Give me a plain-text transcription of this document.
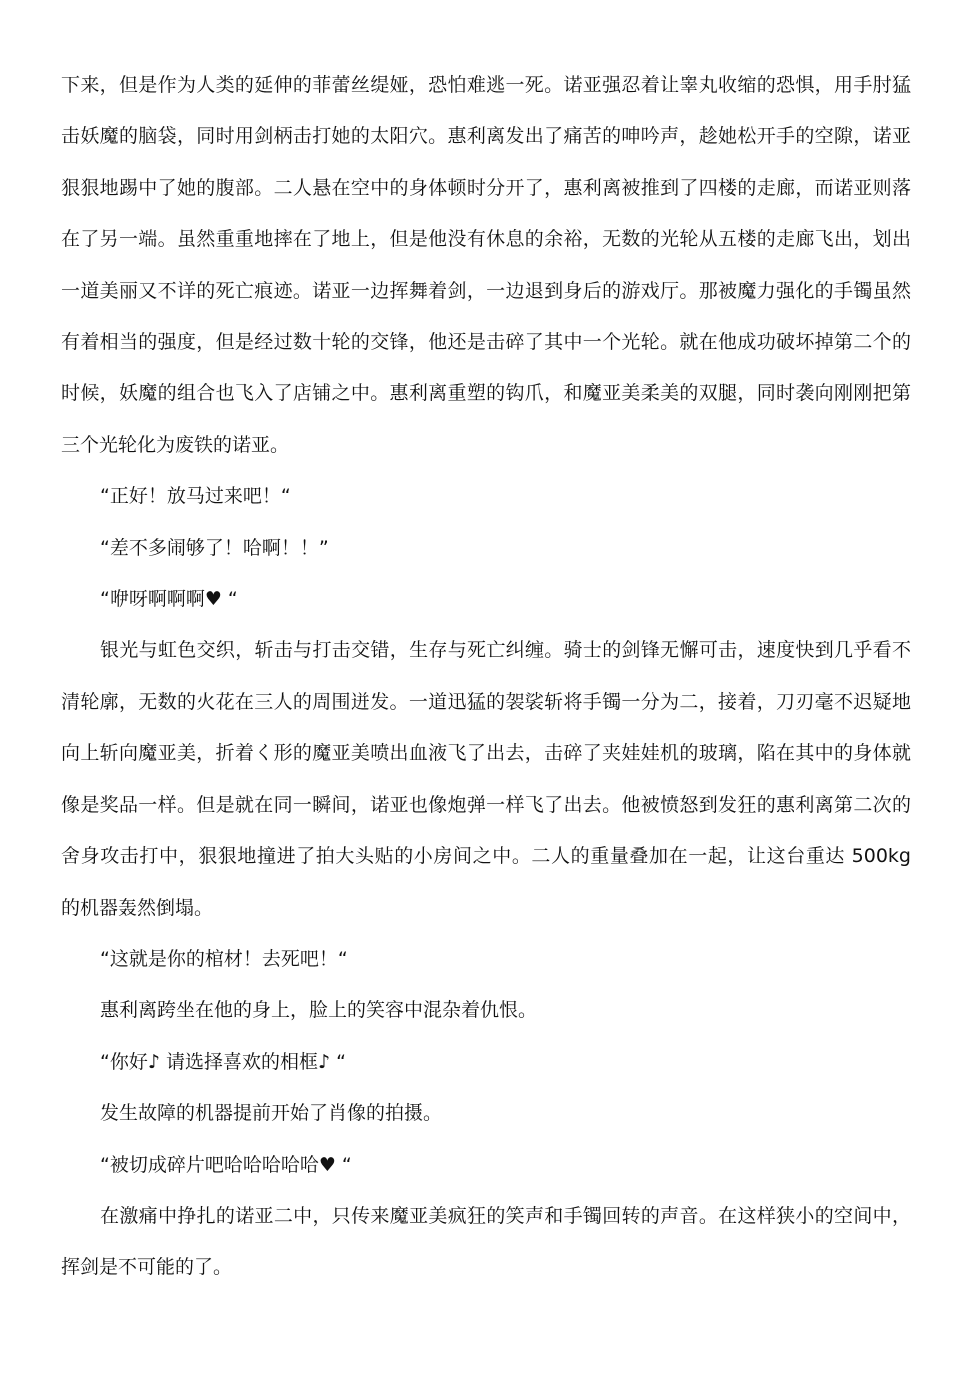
下来，但是作为人类的延伸的菲蕾丝缇娅，恐怕难逃一死。诺亚强忍着让睾丸收缩的恐惧，用手肘猛击妖魔的脑袋，同时用剑柄击打她的太阳穴。惠利离发出了痛苦的呻吟声，趁她松开手的空隙，诺亚狠狠地踢中了她的腹部。二人悬在空中的身体顿时分开了，惠利离被推到了四楼的走廊，而诺亚则落在了另一端。虽然重重地摔在了地上，但是他没有休息的余裕，无数的光轮从五楼的走廊飞出，划出一道美丽又不详的死亡痕迹。诺亚一边挥舞着剑，一边退到身后的游戏厅。那被魔力强化的手镯虽然有着相当的强度，但是经过数十轮的交锋，他还是击碎了其中一个光轮。就在他成功破坏掉第二个的时候，妖魔的组合也飞入了店铺之中。惠利离重塑的钩爪，和魔亚美柔美的双腿，同时袭向刚刚把第三个光轮化为废铁的诺亚。

“正好！放马过来吧！“

“差不多闹够了！哈啊！！”

“咿呀啊啊啊♥ “

银光与虹色交织，斩击与打击交错，生存与死亡纠缠。骑士的剑锋无懈可击，速度快到几乎看不清轮廓，无数的火花在三人的周围迸发。一道迅猛的袈裟斩将手镯一分为二，接着，刀刃毫不迟疑地向上斩向魔亚美，折着く形的魔亚美喷出血液飞了出去，击碎了夹娃娃机的玻璃，陷在其中的身体就像是奖品一样。但是就在同一瞬间，诺亚也像炮弹一样飞了出去。他被愤怒到发狂的惠利离第二次的舍身攻击打中，狠狠地撞进了拍大头贴的小房间之中。二人的重量叠加在一起，让这台重达 500kg 的机器轰然倒塌。

“这就是你的棺材！去死吧！“

惠利离跨坐在他的身上，脸上的笑容中混杂着仇恨。

“你好♪ 请选择喜欢的相框♪ “

发生故障的机器提前开始了肖像的拍摄。

“被切成碎片吧哈哈哈哈哈♥ “

在激痛中挣扎的诺亚二中，只传来魔亚美疯狂的笑声和手镯回转的声音。在这样狭小的空间中，挥剑是不可能的了。
